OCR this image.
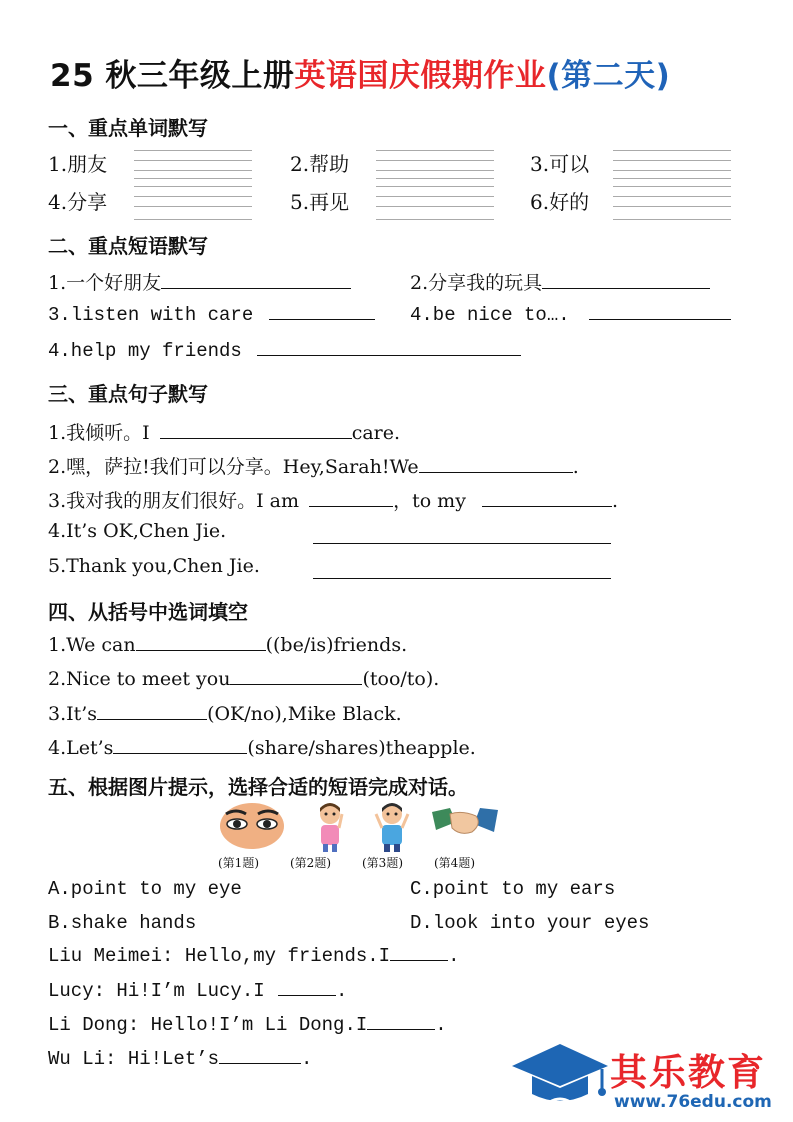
25 秋三年级上册英语国庆假期作业(第二天)
一、重点单词默写
1.朋友	2.帮助	3.可以
4.分享	5.再见	6.好的
二、重点短语默写
1.一个好朋友	2.分享我的玩具
3.listen with care	4.be nice to….
4.help my friends
三、重点句子默写
1.我倾听。I	care.
2.嘿，萨拉!我们可以分享。Hey,Sarah!We	.
3.我对我的朋友们很好。I am	，to my	.
4.It’s OK,Chen Jie.
5.Thank you,Chen Jie.
四、从括号中选词填空
1.We can	((be/is)friends.
2.Nice to meet you	(too/to).
3.It’s	(OK/no),Mike Black.
4.Let’s	(share/shares)theapple.
五、根据图片提示，选择合适的短语完成对话。
(第1题)	(第2题)	(第3题)	(第4题)
A.point to my eye	C.point to my ears
B.shake hands	D.look into your eyes
Liu Meimei: Hello,my friends.I	.
Lucy: Hi!I’m Lucy.I	.
Li Dong: Hello!I’m Li Dong.I	.
Wu Li: Hi!Let’s	.	其乐教育
www.76edu.com
